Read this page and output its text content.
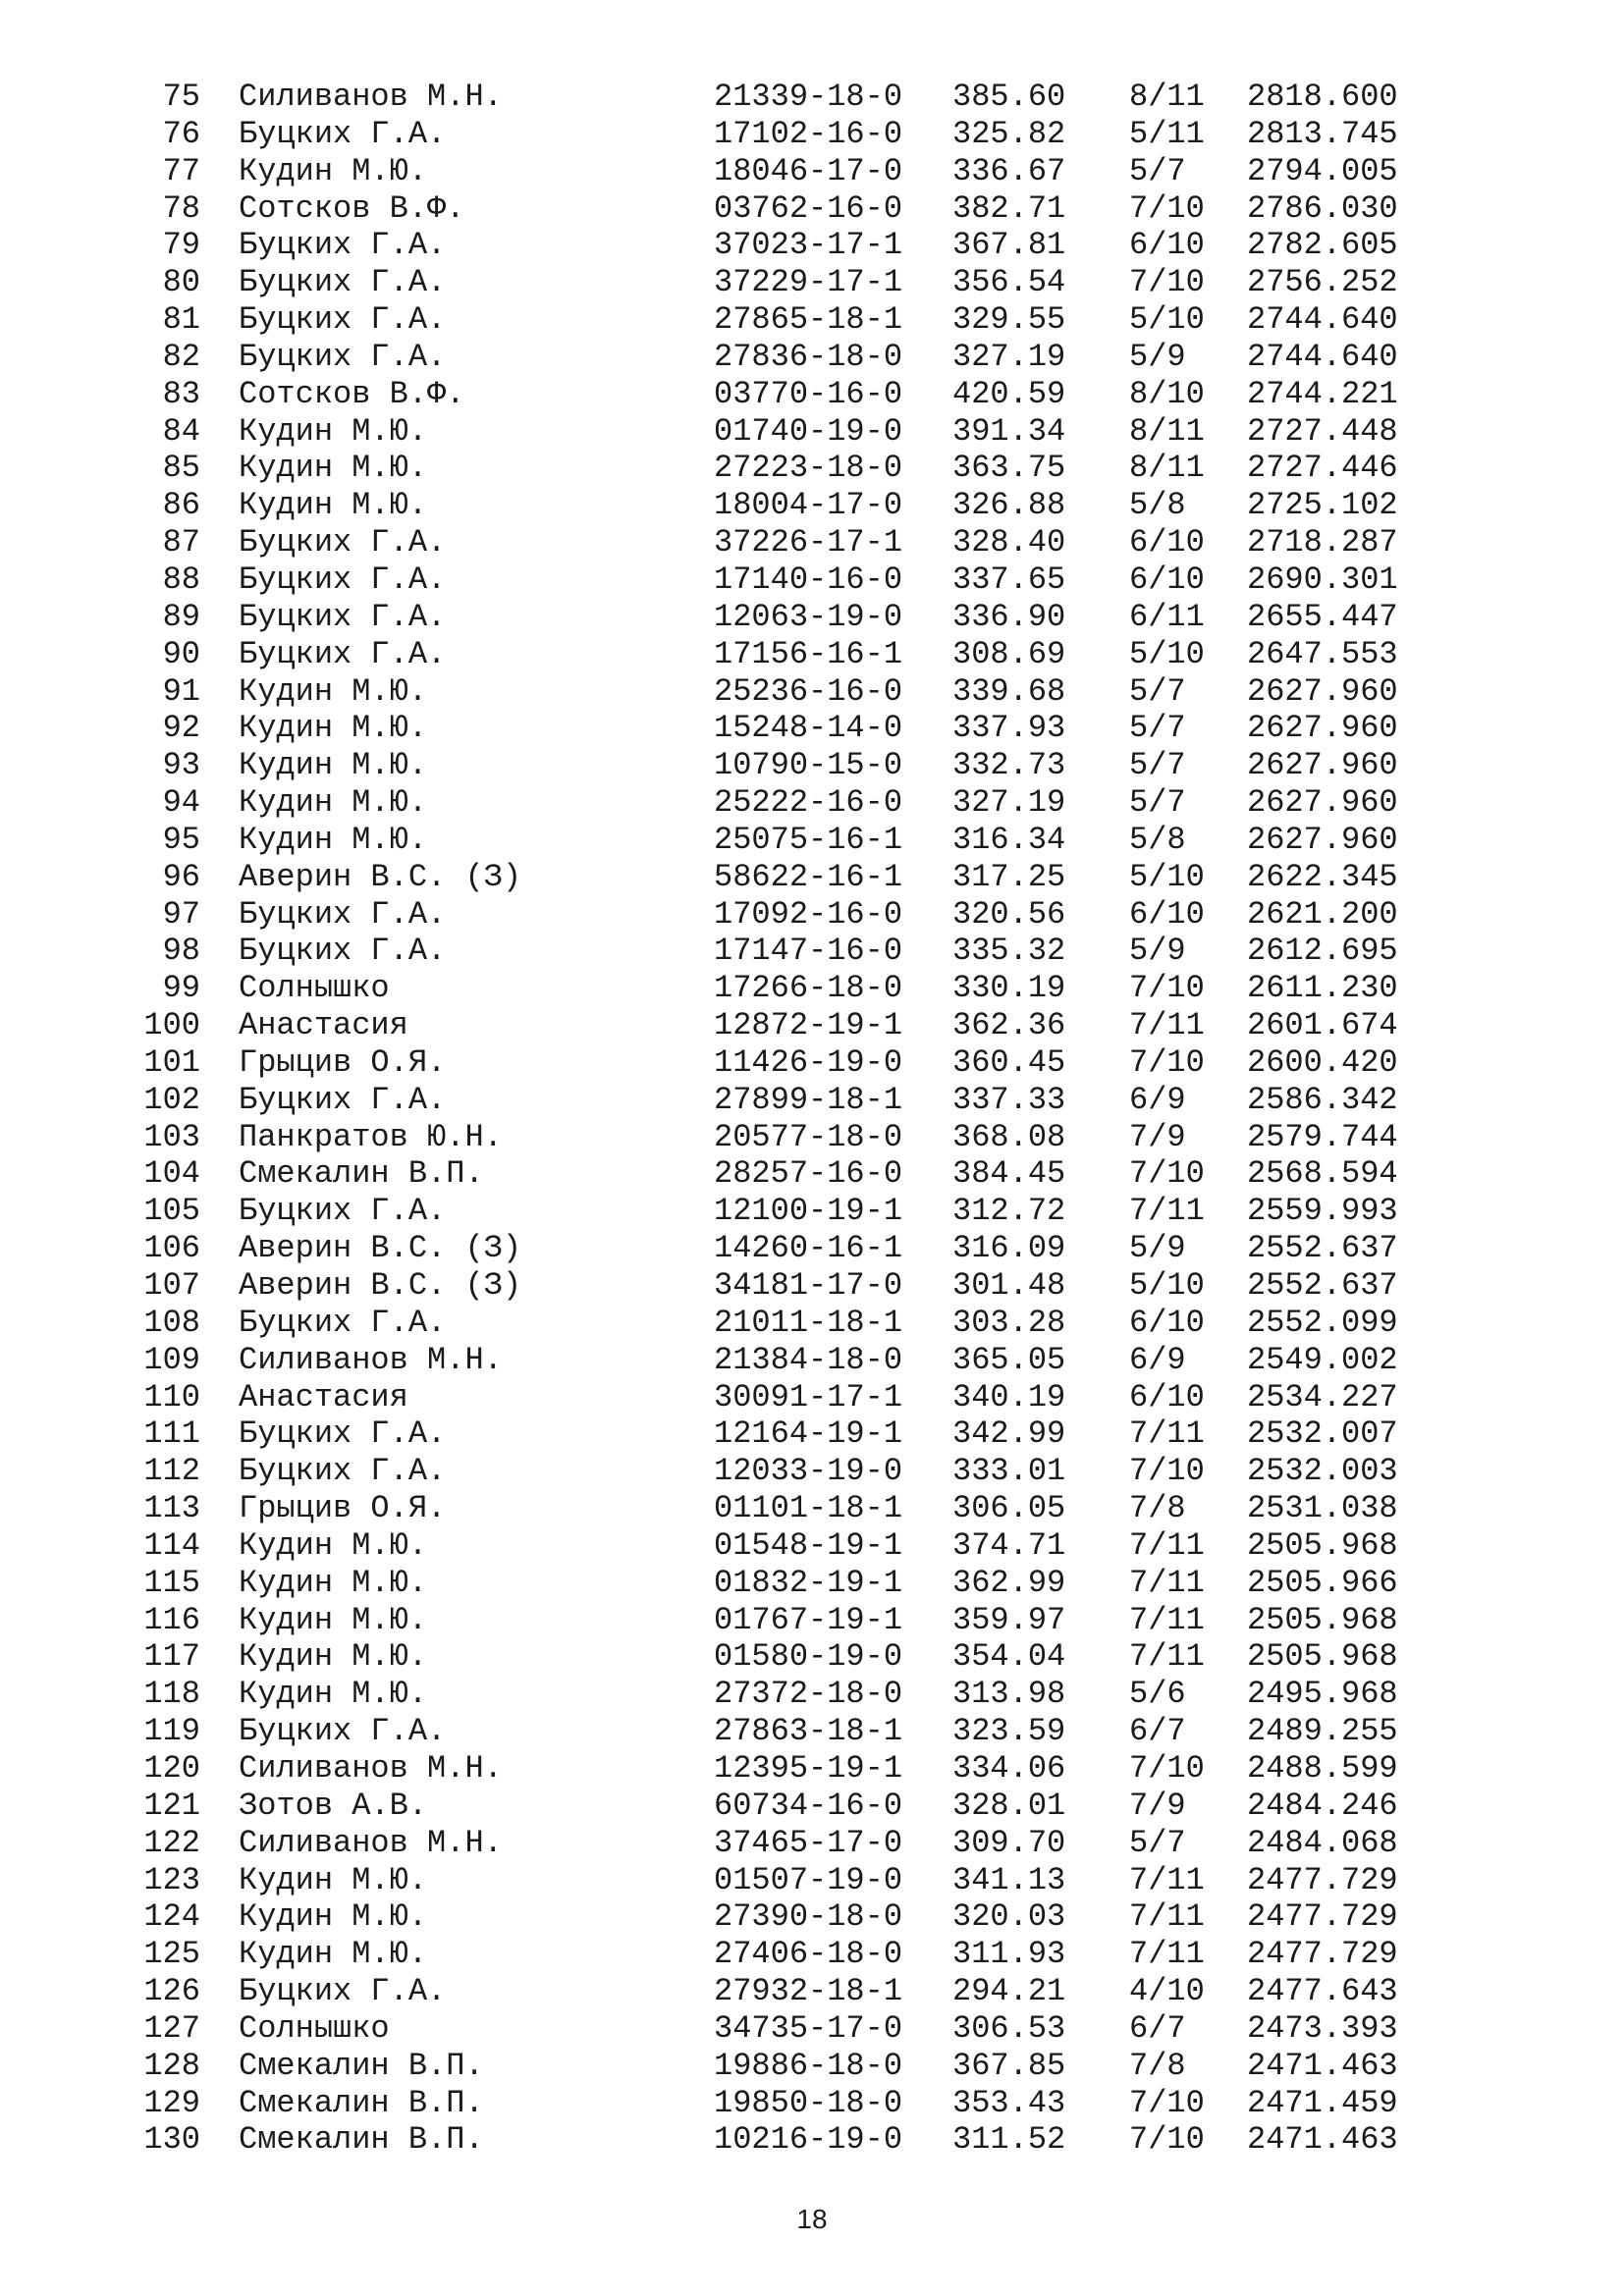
75 Силиванов М.Н.	21339-18-0 385.60 8/11 2818.600
76 Буцких Г.А.	17102-16-0 325.82 5/11 2813.745
77 Кудин М.Ю.	18046-17-0 336.67 5/7 2794.005
78 Сотсков В.Ф.	03762-16-0 382.71 7/10 2786.030
79 Буцких Г.А.	37023-17-1 367.81 6/10 2782.605
80 Буцких Г.А.	37229-17-1 356.54 7/10 2756.252
81 Буцких Г.А.	27865-18-1 329.55 5/10 2744.640
82 Буцких Г.А.	27836-18-0 327.19 5/9 2744.640
83 Сотсков В.Ф.	03770-16-0 420.59 8/10 2744.221
84 Кудин М.Ю.	01740-19-0 391.34 8/11 2727.448
85 Кудин М.Ю.	27223-18-0 363.75 8/11 2727.446
86 Кудин М.Ю.	18004-17-0 326.88 5/8 2725.102
87 Буцких Г.А.	37226-17-1 328.40 6/10 2718.287
88 Буцких Г.А.	17140-16-0 337.65 6/10 2690.301
89 Буцких Г.А.	12063-19-0 336.90 6/11 2655.447
90 Буцких Г.А.	17156-16-1 308.69 5/10 2647.553
91 Кудин М.Ю.	25236-16-0 339.68 5/7 2627.960
92 Кудин М.Ю.	15248-14-0 337.93 5/7 2627.960
93 Кудин М.Ю.	10790-15-0 332.73 5/7 2627.960
94 Кудин М.Ю.	25222-16-0 327.19 5/7 2627.960
95 Кудин М.Ю.	25075-16-1 316.34 5/8 2627.960
96 Аверин В.С. (З)	58622-16-1 317.25 5/10 2622.345
97 Буцких Г.А.	17092-16-0 320.56 6/10 2621.200
98 Буцких Г.А.	17147-16-0 335.32 5/9 2612.695
99 Солнышко	17266-18-0 330.19 7/10 2611.230
100 Анастасия	12872-19-1 362.36 7/11 2601.674
101 Грыцив О.Я.	11426-19-0 360.45 7/10 2600.420
102 Буцких Г.А.	27899-18-1 337.33 6/9 2586.342
103 Панкратов Ю.Н.	20577-18-0 368.08 7/9 2579.744
104 Смекалин В.П.	28257-16-0 384.45 7/10 2568.594
105 Буцких Г.А.	12100-19-1 312.72 7/11 2559.993
106 Аверин В.С. (З)	14260-16-1 316.09 5/9 2552.637
107 Аверин В.С. (З)	34181-17-0 301.48 5/10 2552.637
108 Буцких Г.А.	21011-18-1 303.28 6/10 2552.099
109 Силиванов М.Н.	21384-18-0 365.05 6/9 2549.002
110 Анастасия	30091-17-1 340.19 6/10 2534.227
111 Буцких Г.А.	12164-19-1 342.99 7/11 2532.007
112 Буцких Г.А.	12033-19-0 333.01 7/10 2532.003
113 Грыцив О.Я.	01101-18-1 306.05 7/8 2531.038
114 Кудин М.Ю.	01548-19-1 374.71 7/11 2505.968
115 Кудин М.Ю.	01832-19-1 362.99 7/11 2505.966
116 Кудин М.Ю.	01767-19-1 359.97 7/11 2505.968
117 Кудин М.Ю.	01580-19-0 354.04 7/11 2505.968
118 Кудин М.Ю.	27372-18-0 313.98 5/6 2495.968
119 Буцких Г.А.	27863-18-1 323.59 6/7 2489.255
120 Силиванов М.Н.	12395-19-1 334.06 7/10 2488.599
121 Зотов А.В.	60734-16-0 328.01 7/9 2484.246
122 Силиванов М.Н.	37465-17-0 309.70 5/7 2484.068
123 Кудин М.Ю.	01507-19-0 341.13 7/11 2477.729
124 Кудин М.Ю.	27390-18-0 320.03 7/11 2477.729
125 Кудин М.Ю.	27406-18-0 311.93 7/11 2477.729
126 Буцких Г.А.	27932-18-1 294.21 4/10 2477.643
127 Солнышко	34735-17-0 306.53 6/7 2473.393
128 Смекалин В.П.	19886-18-0 367.85 7/8 2471.463
129 Смекалин В.П.	19850-18-0 353.43 7/10 2471.459
130 Смекалин В.П.	10216-19-0 311.52 7/10 2471.463
18
